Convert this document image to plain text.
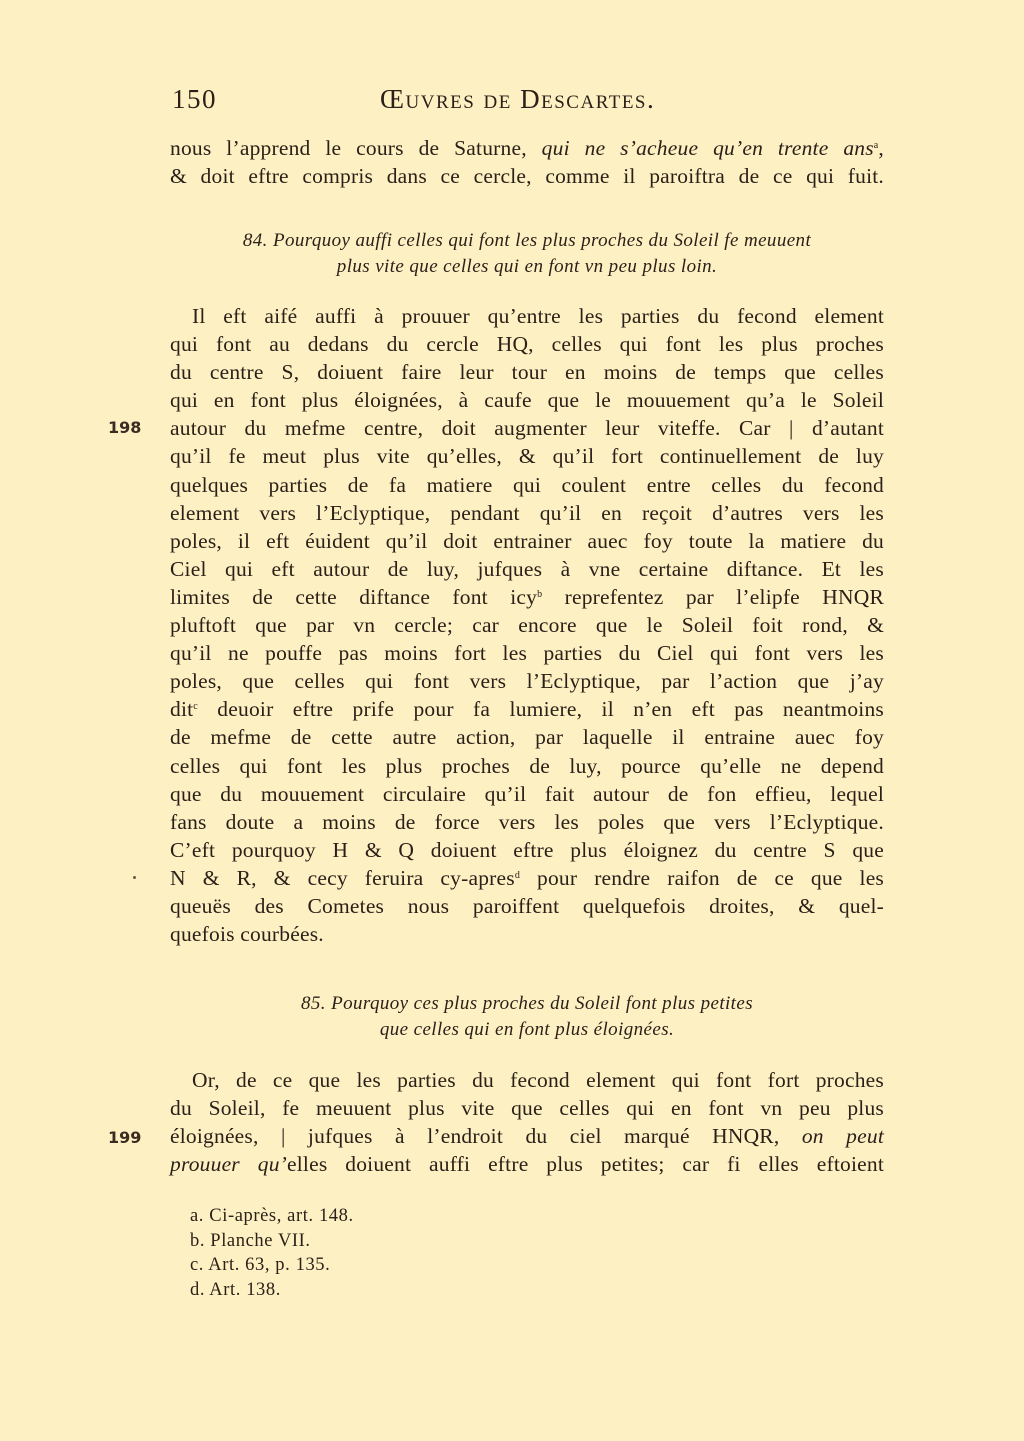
150	Œuvres de Descartes.

nous l’apprend le cours de Saturne, qui ne s’acheue qu’en trente ans$^a$,
& doit eftre compris dans ce cercle, comme il paroiftra de ce qui fuit.

84. Pourquoy auffi celles qui font les plus proches du Soleil fe meuuent
plus vite que celles qui en font vn peu plus loin.

198

Il eft aifé auffi à prouuer qu’entre les parties du fecond element
qui font au dedans du cercle HQ, celles qui font les plus proches
du centre S, doiuent faire leur tour en moins de temps que celles
qui en font plus éloignées, à caufe que le mouuement qu’a le Soleil
autour du mefme centre, doit augmenter leur viteffe. Car | d’autant
qu’il fe meut plus vite qu’elles, & qu’il fort continuellement de luy
quelques parties de fa matiere qui coulent entre celles du fecond
element vers l’Eclyptique, pendant qu’il en reçoit d’autres vers les
poles, il eft éuident qu’il doit entrainer auec foy toute la matiere du
Ciel qui eft autour de luy, jufques à vne certaine diftance. Et les
limites de cette diftance font icy$^b$ reprefentez par l’elipfe HNQR
pluftoft que par vn cercle; car encore que le Soleil foit rond, &
qu’il ne pouffe pas moins fort les parties du Ciel qui font vers les
poles, que celles qui font vers l’Eclyptique, par l’action que j’ay
dit$^c$ deuoir eftre prife pour fa lumiere, il n’en eft pas neantmoins
de mefme de cette autre action, par laquelle il entraine auec foy
celles qui font les plus proches de luy, pource qu’elle ne depend
que du mouuement circulaire qu’il fait autour de fon effieu, lequel
fans doute a moins de force vers les poles que vers l’Eclyptique.
C’eft pourquoy H & Q doiuent eftre plus éloignez du centre S que
N & R, & cecy feruira cy-apres$^d$ pour rendre raifon de ce que les
queuës des Cometes nous paroiffent quelquefois droites, & quel-
quefois courbées.

85. Pourquoy ces plus proches du Soleil font plus petites
que celles qui en font plus éloignées.

199

Or, de ce que les parties du fecond element qui font fort proches
du Soleil, fe meuuent plus vite que celles qui en font vn peu plus
éloignées, | jufques à l’endroit du ciel marqué HNQR, on peut
prouuer qu’elles doiuent auffi eftre plus petites; car fi elles eftoient

a. Ci-après, art. 148.
b. Planche VII.
c. Art. 63, p. 135.
d. Art. 138.
